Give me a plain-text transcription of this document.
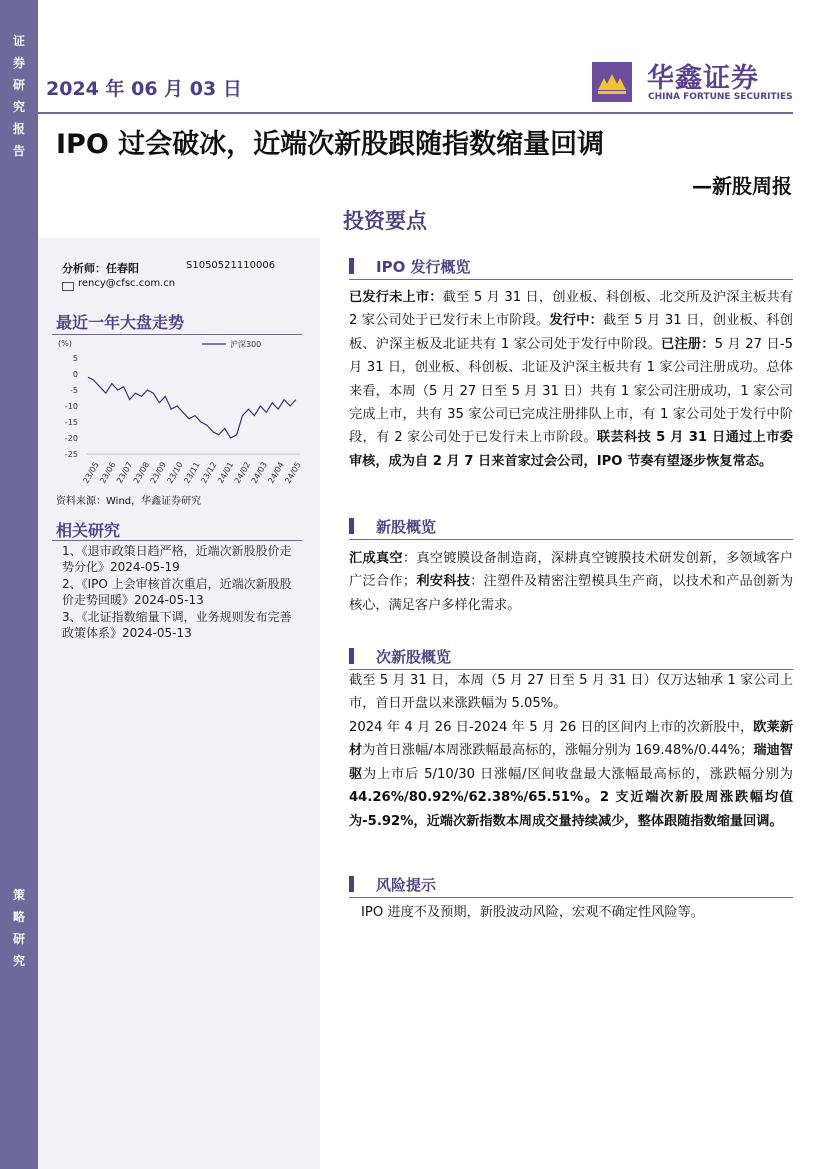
证
券
研
究
报
告
策
略
研
究
2024 年 06 月 03 日	华鑫证券
CHINA FORTUNE SECURITIES
IPO 过会破冰，近端次新股跟随指数缩量回调
—新股周报
投资要点
分析师：任春阳	S1050521110006
rency@cfsc.com.cn
最近一年大盘走势
(%)
5
0
-5
-10
-15
-20
-25
23/05
23/06
23/07
23/08
23/09
23/10
23/11
23/12
24/01
24/02
24/03
24/04
24/05
沪深300
资料来源：Wind，华鑫证券研究
相关研究
1、《退市政策日趋严格，近端次新股股价走势分化》2024-05-19
2、《IPO 上会审核首次重启，近端次新股股价走势回暖》2024-05-13
3、《北证指数缩量下调，业务规则发布完善政策体系》2024-05-13
IPO 发行概览
已发行未上市：截至 5 月 31 日，创业板、科创板、北交所及沪深主板共有 2 家公司处于已发行未上市阶段。发行中：截至 5 月 31 日，创业板、科创板、沪深主板及北证共有 1 家公司处于发行中阶段。已注册：5 月 27 日-5 月 31 日，创业板、科创板、北证及沪深主板共有 1 家公司注册成功。总体来看，本周（5 月 27 日至 5 月 31 日）共有 1 家公司注册成功，1 家公司完成上市，共有 35 家公司已完成注册排队上市，有 1 家公司处于发行中阶段，有 2 家公司处于已发行未上市阶段。联芸科技 5 月 31 日通过上市委审核，成为自 2 月 7 日来首家过会公司，IPO 节奏有望逐步恢复常态。
新股概览
汇成真空：真空镀膜设备制造商，深耕真空镀膜技术研发创新，多领域客户广泛合作；利安科技：注塑件及精密注塑模具生产商，以技术和产品创新为核心，满足客户多样化需求。
次新股概览
截至 5 月 31 日，本周（5 月 27 日至 5 月 31 日）仅万达轴承 1 家公司上市，首日开盘以来涨跌幅为 5.05%。
2024 年 4 月 26 日-2024 年 5 月 26 日的区间内上市的次新股中，欧莱新材为首日涨幅/本周涨跌幅最高标的，涨幅分别为 169.48%/0.44%；瑞迪智驱为上市后 5/10/30 日涨幅/区间收盘最大涨幅最高标的，涨跌幅分别为 44.26%/80.92%/62.38%/65.51%。2 支近端次新股周涨跌幅均值为-5.92%，近端次新指数本周成交量持续减少，整体跟随指数缩量回调。
风险提示
IPO 进度不及预期，新股波动风险，宏观不确定性风险等。
